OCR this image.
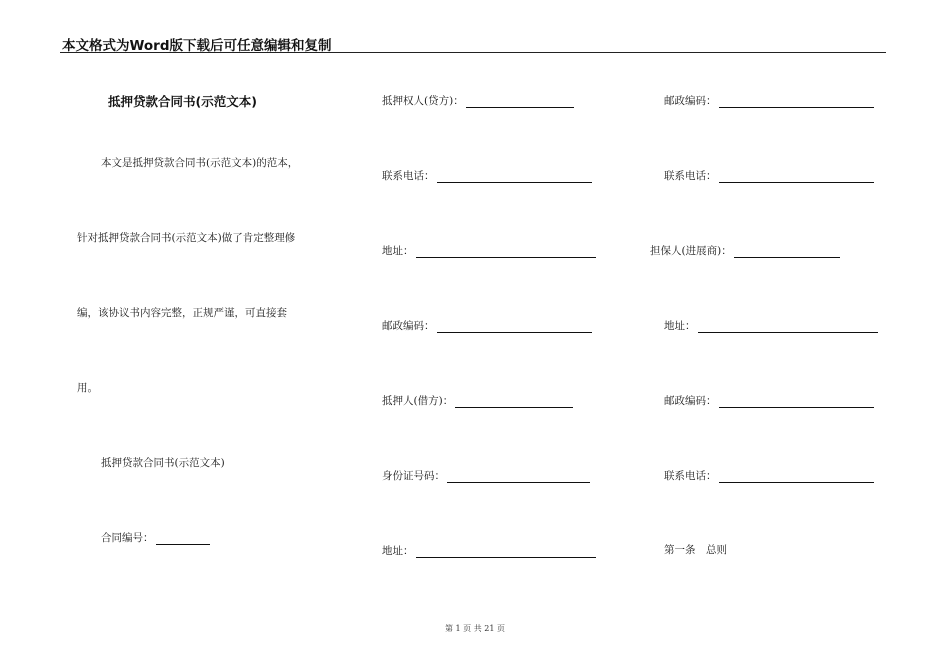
本文格式为Word版下载后可任意编辑和复制
抵押贷款合同书(示范文本)
本文是抵押贷款合同书(示范文本)的范本，
针对抵押贷款合同书(示范文本)做了肯定整理修
编，该协议书内容完整，正规严谨，可直接套
用。
抵押贷款合同书(示范文本)
合同编号：
抵押权人(贷方)：
联系电话：
地址：
邮政编码：
抵押人(借方)：
身份证号码：
地址：
邮政编码：
联系电话：
担保人(进展商)：
地址：
邮政编码：
联系电话：
第一条　总则
第 1 页 共 21 页
